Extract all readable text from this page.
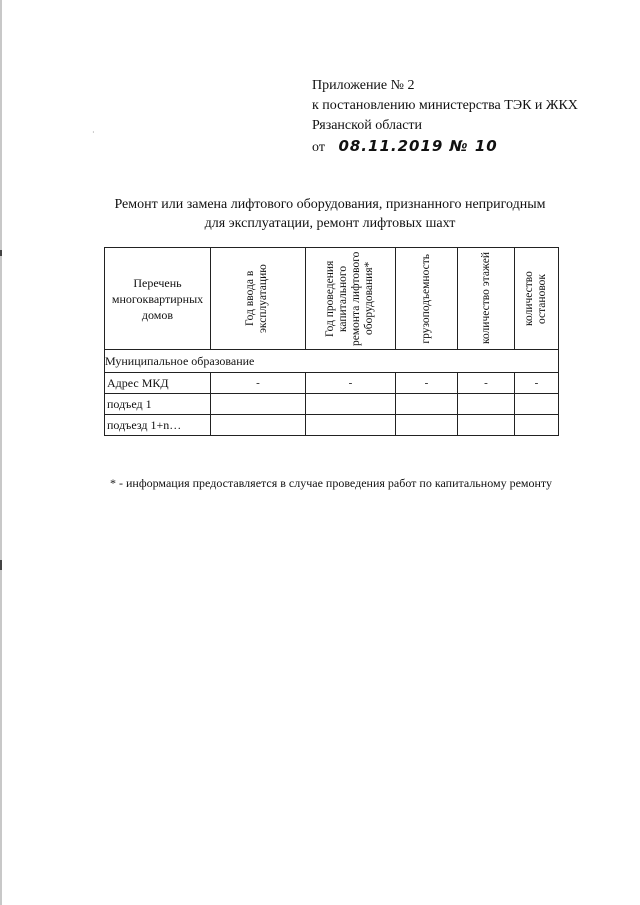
·
Приложение № 2
к постановлению министерства ТЭК и ЖКХ
Рязанской области
от 08.11.2019 № 10
Ремонт или замена лифтового оборудования, признанного непригодным
для эксплуатации, ремонт лифтовых шахт
Перечень многоквартирных домов	Год ввода в эксплуатацию	Год проведения капитального ремонта лифтового оборудования*	грузоподъемность	количество этажей	количество остановок

Муниципальное образование					
Адрес МКД	-	-	-	-	-
подъед 1					
подъезд 1+n…					
* - информация предоставляется в случае проведения работ по капитальному ремонту
